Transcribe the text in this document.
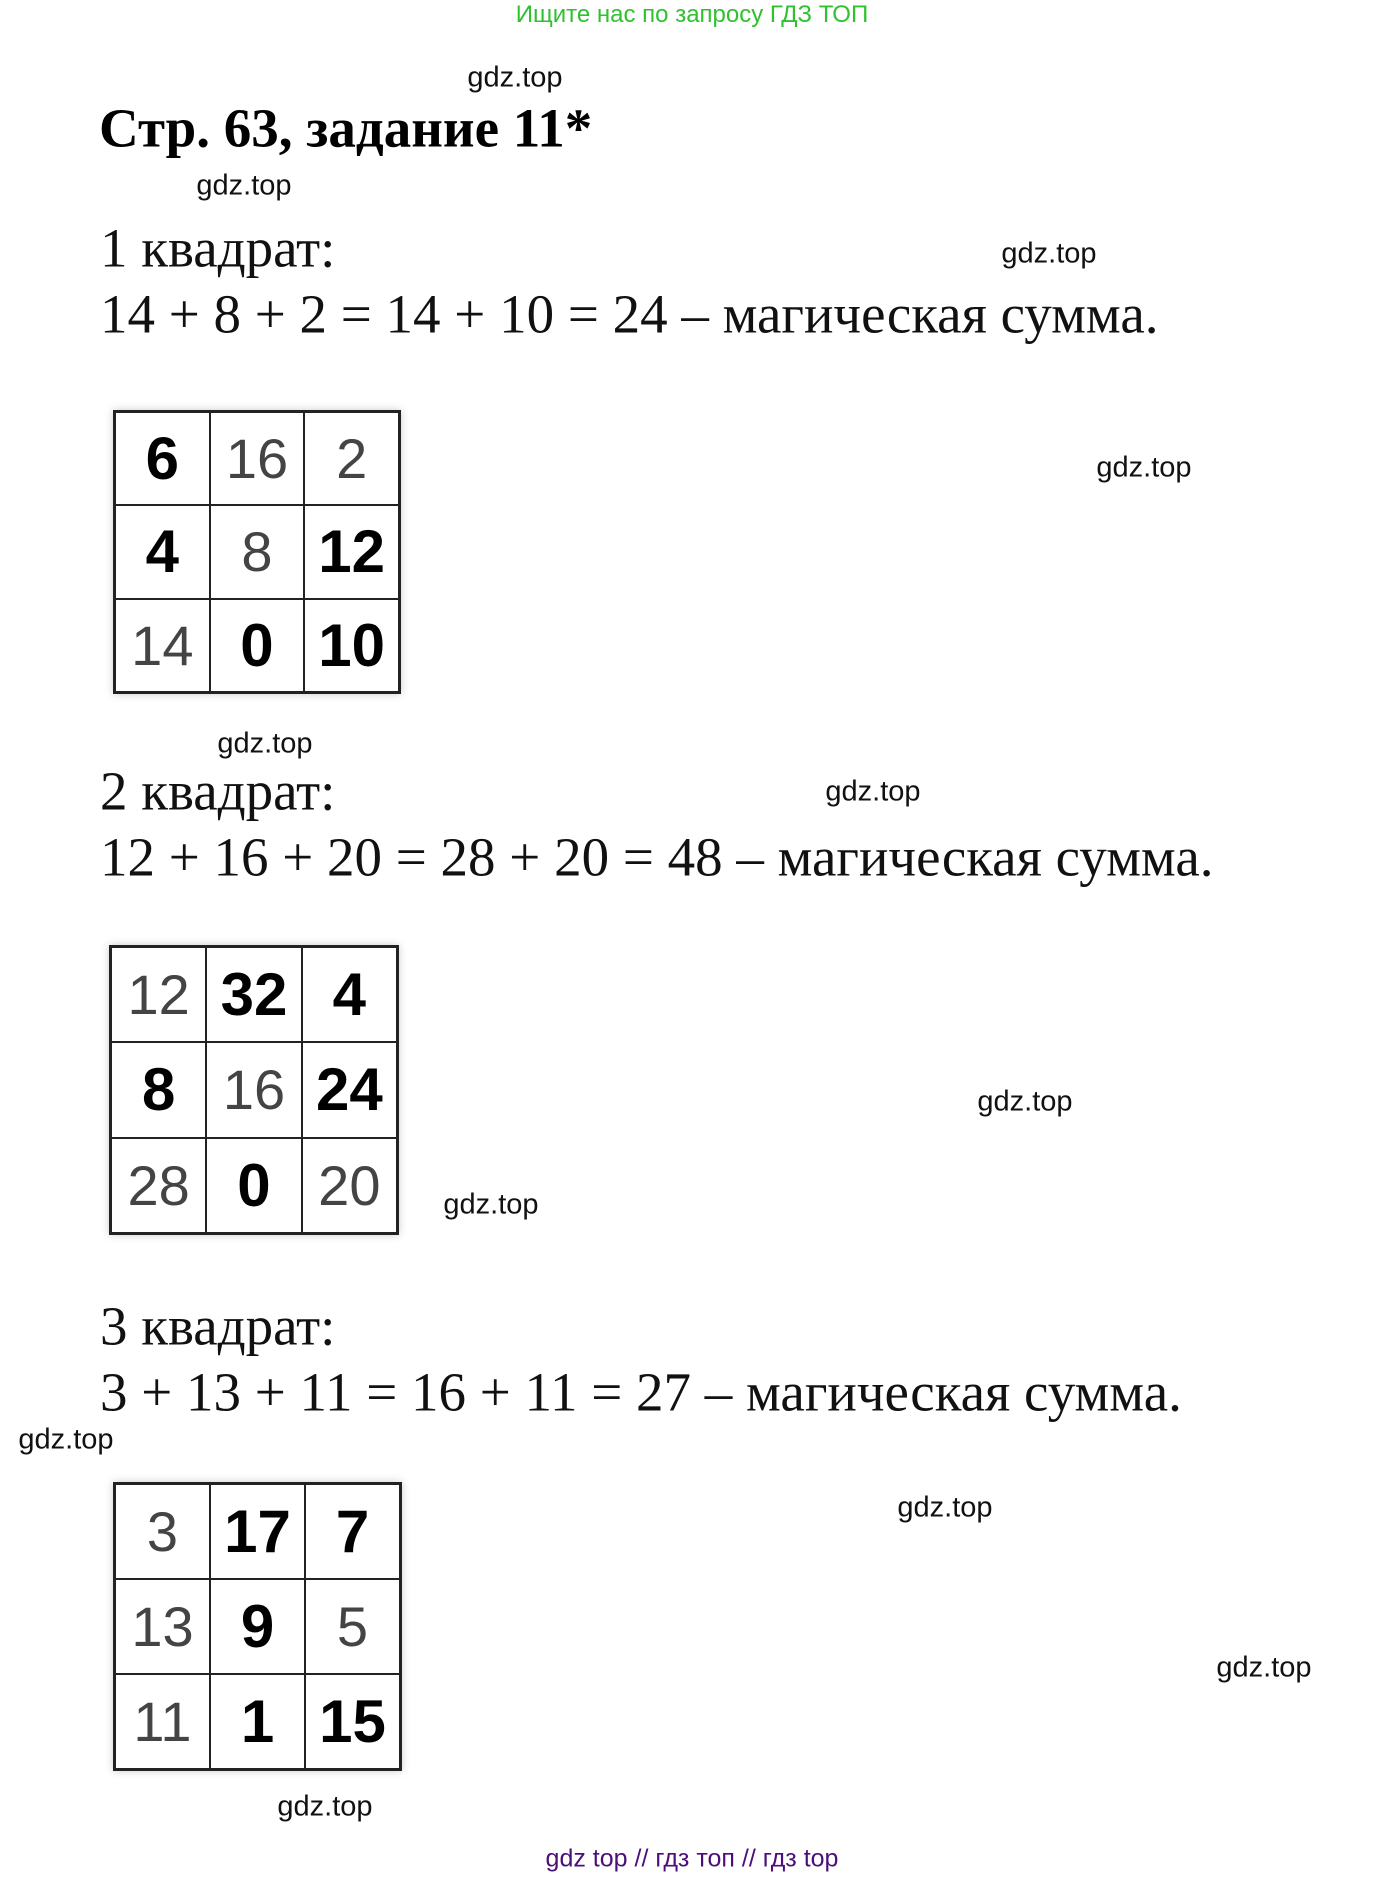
Ищите нас по запросу ГДЗ ТОП
Стр. 63, задание 11*
1 квадрат:
14 + 8 + 2 = 14 + 10 = 24 – магическая сумма.
6 16 2
4	8 12
14 0 10
2 квадрат:
12 + 16 + 20 = 28 + 20 = 48 – магическая сумма.
12 32 4
8 16 24
28 0 20
3 квадрат:
3 + 13 + 11 = 16 + 11 = 27 – магическая сумма.
3 17 7
13 9	5
11 1 15
gdz.top
gdz.top
gdz.top
gdz.top
gdz.top
gdz.top
gdz.top
gdz.top
gdz.top
gdz.top
gdz.top
gdz.top
gdz top // гдз топ // гдз top
